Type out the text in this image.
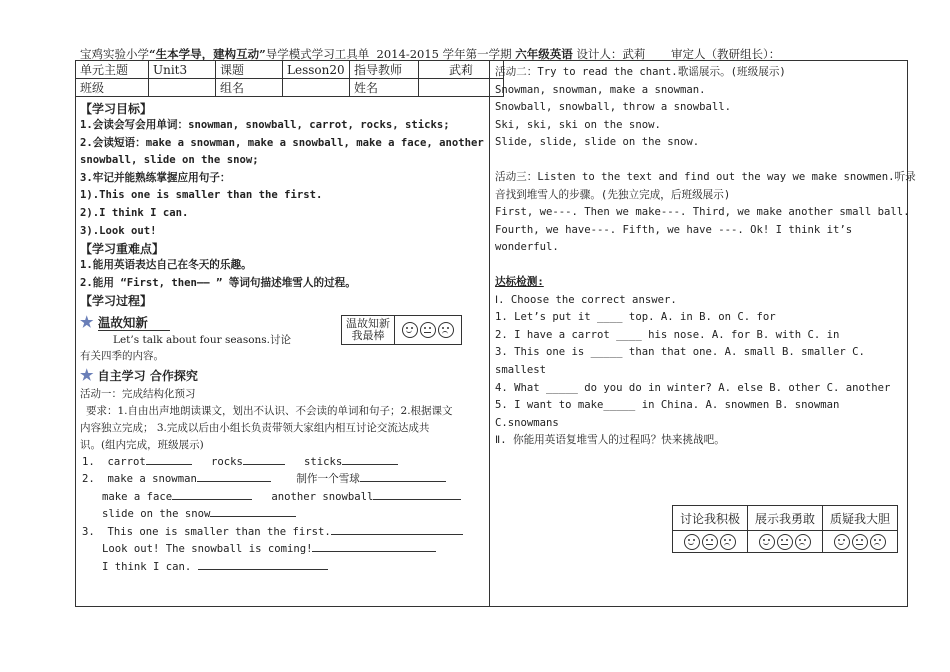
宝鸡实验小学“生本学导，建构互动”导学模式学习工具单 2014-2015 学年第一学期 六年级英语 设计人：武莉 审定人（教研组长）：
单元主题	Unit3	课题	Lesson20	指导教师	武莉
班级		组名		姓名	
【学习目标】
1.会读会写会用单词：snowman, snowball, carrot, rocks, sticks;
2.会读短语：make a snowman, make a snowball, make a face, another
snowball, slide on the snow;
3.牢记并能熟练掌握应用句子：
1).This one is smaller than the first.
2).I think I can.
3).Look out!
【学习重难点】
1.能用英语表达自己在冬天的乐趣。
2.能用 “First, then—— ” 等词句描述堆雪人的过程。
【学习过程】
★ 温故知新
Let’s talk about four seasons.讨论
有关四季的内容。
温故知新
我最棒

★ 自主学习 合作探究
活动一：完成结构化预习
要求：1.自由出声地朗读课文，划出不认识、不会读的单词和句子；2.根据课文
内容独立完成； 3.完成以后由小组长负责带领大家组内相互讨论交流达成共
识。(组内完成，班级展示)
1. carrot	rocks	sticks
2. make a snowman	制作一个雪球
make a face	another snowball
slide on the snow
3. This one is smaller than the first.
Look out! The snowball is coming!
I think I can.
活动二：Try to read the chant.歌谣展示。(班级展示)
Snowman, snowman, make a snowman.
Snowball, snowball, throw a snowball.
Ski, ski, ski on the snow.
Slide, slide, slide on the snow.
活动三：Listen to the text and find out the way we make snowmen.听录
音找到堆雪人的步骤。(先独立完成，后班级展示)
First, we---. Then we make---. Third, we make another small ball.
Fourth, we have---. Fifth, we have ---. Ok! I think it’s
wonderful.
达标检测:
Ⅰ. Choose the correct answer.
1. Let’s put it ____ top. A. in B. on C. for
2. I have a carrot ____ his nose. A. for B. with C. in
3. This one is _____ than that one. A. small B. smaller C.
smallest
4. What _____ do you do in winter? A. else B. other C. another
5. I want to make_____ in China. A. snowmen B. snowman
C.snowmans
Ⅱ. 你能用英语复堆雪人的过程吗？快来挑战吧。
讨论我积极	展示我勇敢	质疑我大胆
